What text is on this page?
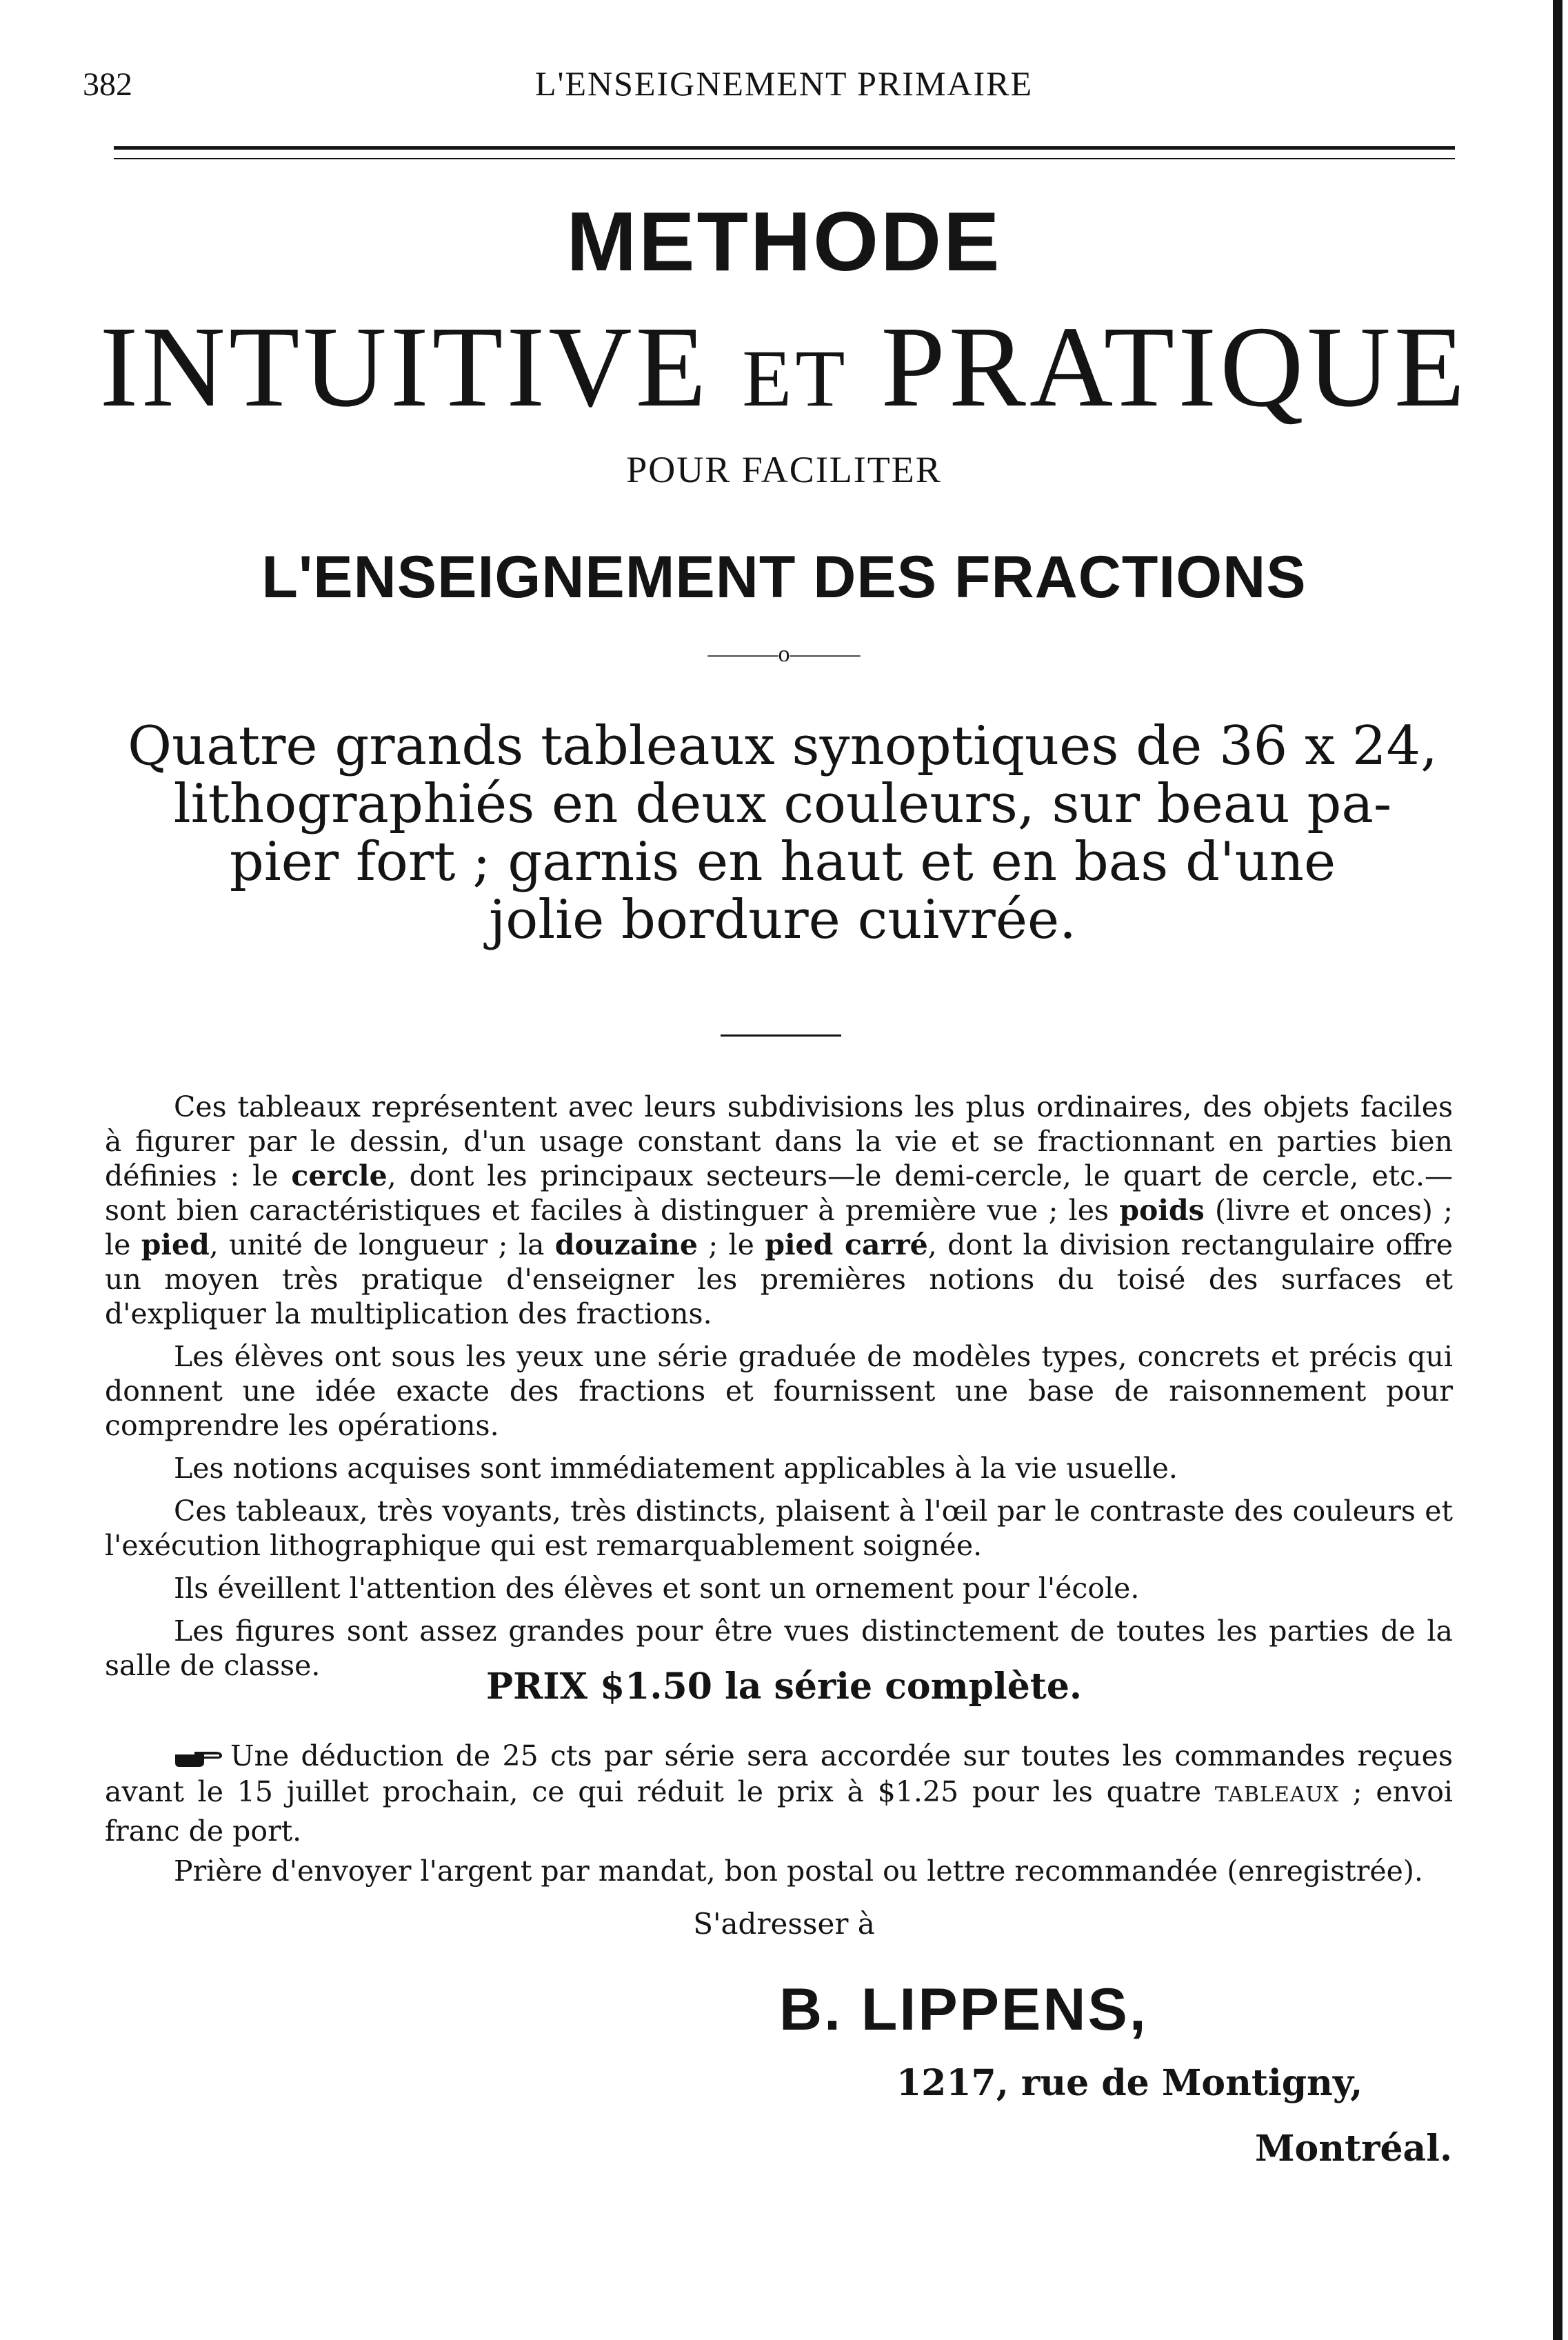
382	L'ENSEIGNEMENT PRIMAIRE
METHODE
INTUITIVE ET PRATIQUE
POUR FACILITER
L'ENSEIGNEMENT DES FRACTIONS
———o———
Quatre grands tableaux synoptiques de 36 x 24,
lithographiés en deux couleurs, sur beau pa-
pier fort ; garnis en haut et en bas d'une
jolie bordure cuivrée.

Ces tableaux représentent avec leurs subdivisions les plus ordinaires, des objets faciles à figurer par le dessin, d'un usage constant dans la vie et se fractionnant en parties bien définies : le cercle, dont les principaux secteurs—le demi-cercle, le quart de cercle, etc.—sont bien caractéristiques et faciles à distinguer à première vue ; les poids (livre et onces) ; le pied, unité de longueur ; la douzaine ; le pied carré, dont la division rectangulaire offre un moyen très pratique d'enseigner les premières notions du toisé des surfaces et d'expliquer la multiplication des fractions.

Les élèves ont sous les yeux une série graduée de modèles types, concrets et précis qui donnent une idée exacte des fractions et fournissent une base de raisonnement pour comprendre les opérations.

Les notions acquises sont immédiatement applicables à la vie usuelle.

Ces tableaux, très voyants, très distincts, plaisent à l'œil par le contraste des couleurs et l'exécution lithographique qui est remarquablement soignée.

Ils éveillent l'attention des élèves et sont un ornement pour l'école.

Les figures sont assez grandes pour être vues distinctement de toutes les parties de la salle de classe.	PRIX $1.50 la série complète.

Une déduction de 25 cts par série sera accordée sur toutes les commandes reçues avant le 15 juillet prochain, ce qui réduit le prix à $1.25 pour les quatre TABLEAUX ; envoi franc de port.

Prière d'envoyer l'argent par mandat, bon postal ou lettre recommandée (enregistrée).

S'adresser à
B. LIPPENS,
1217, rue de Montigny,
Montréal.
